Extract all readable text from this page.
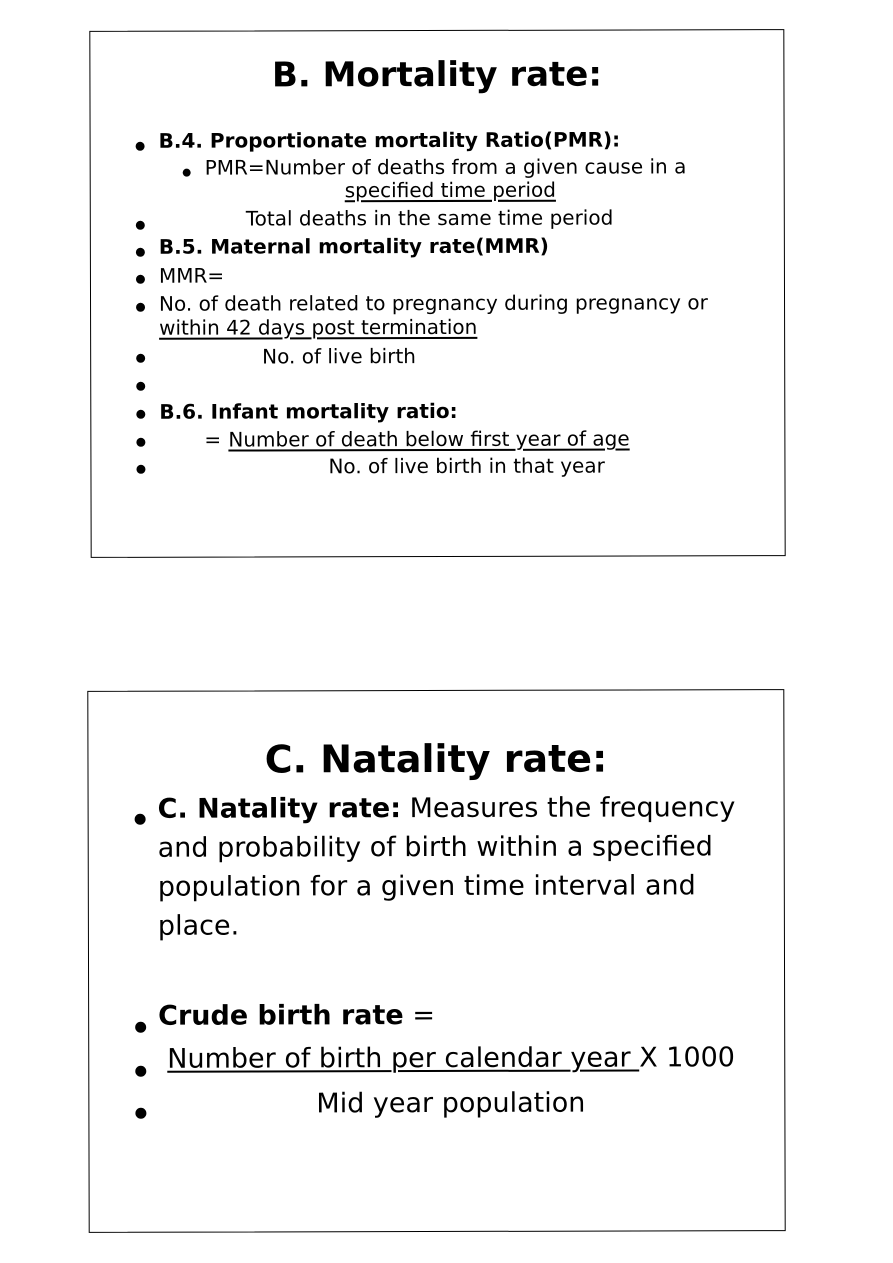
B. Mortality rate:
B.4. Proportionate mortality Ratio(PMR):
PMR=Number of deaths from a given cause in a
specified time period
Total deaths in the same time period
B.5. Maternal mortality rate(MMR)
MMR=
No. of death related to pregnancy during pregnancy or
within 42 days post termination
No. of live birth
B.6. Infant mortality ratio:
= Number of death below first year of age
No. of live birth in that year
C. Natality rate:
C. Natality rate: Measures the frequency
and probability of birth within a specified
population for a given time interval and
place.
Crude birth rate =
Number of birth per calendar year X 1000
Mid year population
